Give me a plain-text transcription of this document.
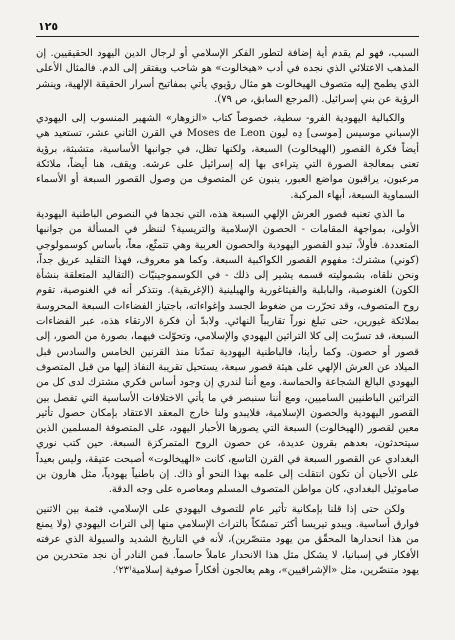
١٢٥

السبب، فهو لم يقدم أية إضافة لتطور الفكر الإسلامي أو لرجال الدين اليهود الحقيقيين. إن المذهب الاعتلائي الذي نجده في أدب «هيخالوت» هو شاحب ويفتقر إلى الدم. فالمثال الأعلى الذي يطمح إليه متصوف الهيخالوت هو مثال رؤيوي يأتي بمفاتيح أسرار الحقيقة الإلهية، وينشر الرؤية عن بني إسرائيل. (المرجع السابق، ص ٧٩).

والكبالية اليهودية الفرو- سطية، خصوصاً كتاب «الزوهار» الشهير المنسوب إلى اليهودي الإسباني موسيس [موسى] دِه ليون Moses de Leon في القرن الثاني عشر، تستعيد هي أيضاً فكرة القصور (الهيخالوت) السبعة، ولكنها تظل، في جوانبها الأساسية، متشبثة، برؤية تعنى بمعالجة الصورة التي يتراءى بها إله إسرائيل على عرشه. ويقف، هنا أيضاً، ملائكة مرعبون، يراقبون مواضع العبور، ينبون عن المتصوف من وصول القصور السبعة أو الأسماء السماوية السبعة، أبهاء المركبة.

ما الذي تعنيه قصور العرش الإلهي السبعة هذه، التي نجدها في النصوص الباطنية اليهودية الأولى، بمواجهة المقامات - الحصون الإسلامية والتريسية؟ لننظر في المسألة من جوانبها المتعددة. فأولاً، تبدو القصور اليهودية والحصون العربية وهي تتمثّع، معاً، بأساس كوسمولوجي (كوني) مشترك: مفهوم القصور الكواكبية السبعة. وكما هو معروف، فهذا التقليد عريق جداً، ونحن نلقاه، بشموليته قسمه يشير إلى ذلك - في الكوسموجينيّات (التقاليد المتعلقة بنشأة الكون) الغنوصية، والبابلية والفيثاغورية والهيلينية (الإغريقية). ونتذكر أنه في الغنوصية، تقوم روح المتصوف، وقد تحرّرت من ضغوط الجسد وإغواءاته، باجتياز الفضاءات السبعة المحروسة بملائكة غيورين، حتى تبلغ نوراً تقاريباً النهائي. ولابدّ أن فكرة الارتقاء هذه، عبر الفضاءات السبعة، قد تسرّبت إلى كلا التراثين اليهودي والإسلامي، وتحوّلت فيهما، بصورة من الصور، إلى قصور أو حصون. وكما رأينا، فالباطنية اليهودية تمدّنا منذ القرنين الخامس والسادس قبل الميلاد عن العرش الإلهي على هيئة قصور سبعة، يستحيل تقريبة النفاذ إليها من قبل المتصوف اليهودي البالغ الشجاعة والحماسة. ومع أننا لندري إن وجود أساس فكري مشترك لدى كل من التراثين الباطنيين الساميين، ومع أننا سنبصر في ما يأتي الاختلافات الأساسية التي تفصل بين القصور اليهودية والحصون الإسلامية، فلايبدو ولنا خارج المعقد الاعتقاد بإمكان حصول تأثير معين لقصور (الهيخالوت) السبعة التي يصورها الأحبار اليهود، على المتصوفة المسلمين الذين سيتحدثون، بعدهم بقرون عديدة، عن حصون الروح المتمركزة السبعة. حين كتب نوري البغدادي عن القصور السبعة في القرن التاسع، كانت «الهيخالوت» أصبحت عتيقة، وليس بعيداً على الأحيان أن تكون انتقلت إلى علمه بهذا النحو أو ذاك. إن باطنياً يهودياً، مثل هارون بن صاموئيل البغدادي، كان مواطن المتصوف المسلم ومعاصره على وجه الدقة.

ولكن حتى إذا قلنا بإمكانية تأثير عام للتصوف اليهودي على الإسلامي، فثمة بين الاثنين فوارق أساسية. ويبدو تيريسا أكثر تمسّكاً بالتراث الإسلامي منها إلى التراث اليهودي (ولا يمنع من هذا انحدارها المحقّق من يهود متنصّرين)، لأنه في التاريخ الشديد والسيولة الذي عرفته الأفكار في إسبانيا، لا يشكل مثل هذا الانحدار عاملاً حاسماً. فمن النادر أن نجد متحدرين من يهود متنصّرين، مثل «الإشراقيين»، وهم يعالجون أفكاراً صوفية إسلامية⁽٢٣⁾.
